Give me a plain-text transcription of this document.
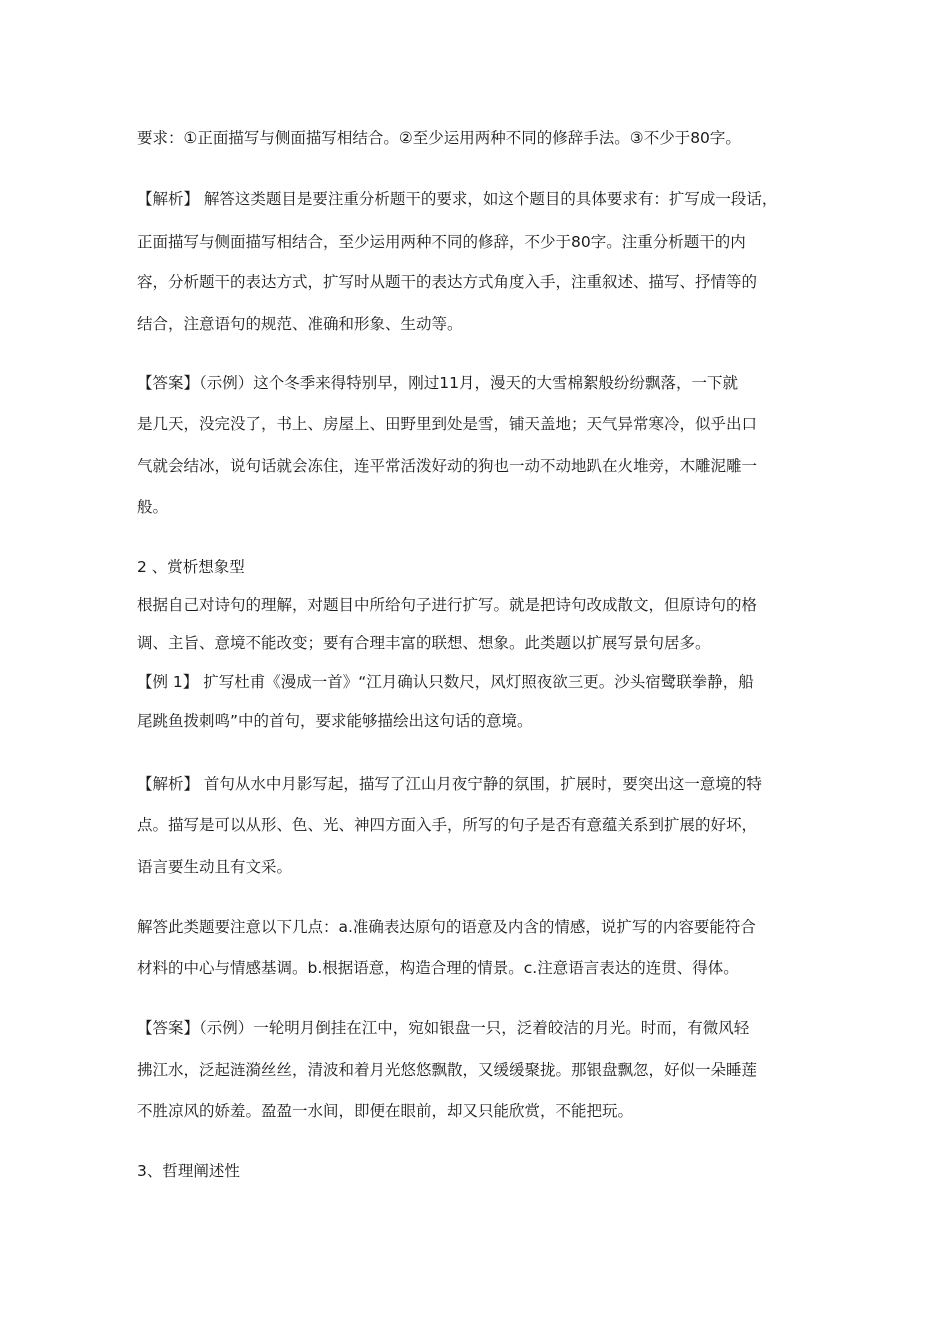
要求：①正面描写与侧面描写相结合。②至少运用两种不同的修辞手法。③不少于80字。
【解析】 解答这类题目是要注重分析题干的要求，如这个题目的具体要求有：扩写成一段话，
正面描写与侧面描写相结合，至少运用两种不同的修辞，不少于80字。注重分析题干的内
容，分析题干的表达方式，扩写时从题干的表达方式角度入手，注重叙述、描写、抒情等的
结合，注意语句的规范、准确和形象、生动等。
【答案】（示例）这个冬季来得特别早，刚过11月，漫天的大雪棉絮般纷纷飘落，一下就
是几天，没完没了，书上、房屋上、田野里到处是雪，铺天盖地；天气异常寒冷，似乎出口
气就会结冰，说句话就会冻住，连平常活泼好动的狗也一动不动地趴在火堆旁，木雕泥雕一
般。
2 、赏析想象型
根据自己对诗句的理解，对题目中所给句子进行扩写。就是把诗句改成散文，但原诗句的格
调、主旨、意境不能改变；要有合理丰富的联想、想象。此类题以扩展写景句居多。
【例 1】 扩写杜甫《漫成一首》“江月确认只数尺，风灯照夜欲三更。沙头宿鹭联拳静，船
尾跳鱼拨刺鸣”中的首句，要求能够描绘出这句话的意境。
【解析】 首句从水中月影写起，描写了江山月夜宁静的氛围，扩展时，要突出这一意境的特
点。描写是可以从形、色、光、神四方面入手，所写的句子是否有意蕴关系到扩展的好坏，
语言要生动且有文采。
解答此类题要注意以下几点：a.准确表达原句的语意及内含的情感，说扩写的内容要能符合
材料的中心与情感基调。b.根据语意，构造合理的情景。c.注意语言表达的连贯、得体。
【答案】（示例）一轮明月倒挂在江中，宛如银盘一只，泛着皎洁的月光。时而，有微风轻
拂江水，泛起涟漪丝丝，清波和着月光悠悠飘散，又缓缓聚拢。那银盘飘忽，好似一朵睡莲
不胜凉风的娇羞。盈盈一水间，即便在眼前，却又只能欣赏，不能把玩。
3、哲理阐述性
